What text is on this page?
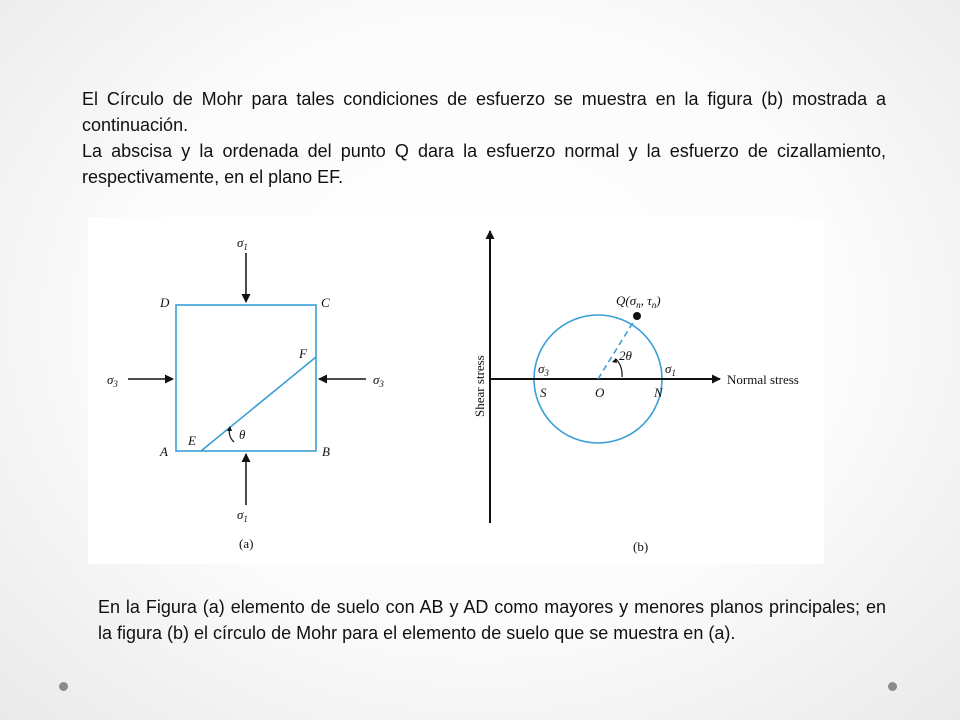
El Círculo de Mohr para tales condiciones de esfuerzo se muestra en la figura (b) mostrada a continuación.

La abscisa y la ordenada del punto Q dara la esfuerzo normal y la esfuerzo de cizallamiento, respectivamente, en el plano EF.

$\sigma_1$
$\sigma_1$
$\sigma_3$	$\sigma_3$
D	C
A	B
E
F
θ
(a)
Shear stress	Normal stress
$Q(\sigma_n$, $\tau_n$)
2θ
$\sigma_3$	$\sigma_1$
S	O	N
(b)

En la Figura (a) elemento de suelo con AB y AD como mayores y menores planos principales; en la figura (b) el círculo de Mohr para el elemento de suelo que se muestra en (a).
